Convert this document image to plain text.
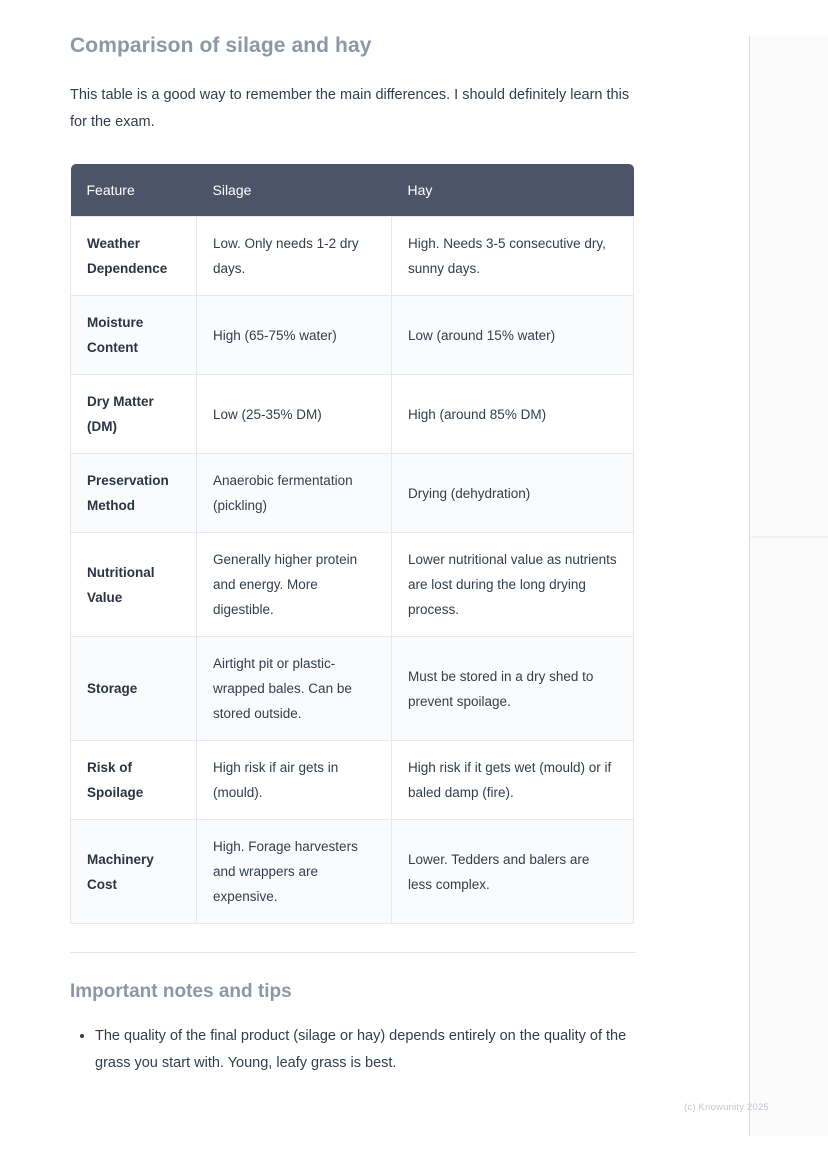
Comparison of silage and hay

This table is a good way to remember the main differences. I should definitely learn this for the exam.

Feature	Silage	Hay
Weather Dependence	Low. Only needs 1-2 dry days.	High. Needs 3-5 consecutive dry, sunny days.
Moisture Content	High (65-75% water)	Low (around 15% water)
Dry Matter (DM)	Low (25-35% DM)	High (around 85% DM)
Preservation Method	Anaerobic fermentation (pickling)	Drying (dehydration)
Nutritional Value	Generally higher protein and energy. More digestible.	Lower nutritional value as nutrients are lost during the long drying process.
Storage	Airtight pit or plastic-wrapped bales. Can be stored outside.	Must be stored in a dry shed to prevent spoilage.
Risk of Spoilage	High risk if air gets in (mould).	High risk if it gets wet (mould) or if baled damp (fire).
Machinery Cost	High. Forage harvesters and wrappers are expensive.	Lower. Tedders and balers are less complex.
Important notes and tips
• The quality of the final product (silage or hay) depends entirely on the quality of the grass you start with. Young, leafy grass is best.
(c) Knowunity 2025
